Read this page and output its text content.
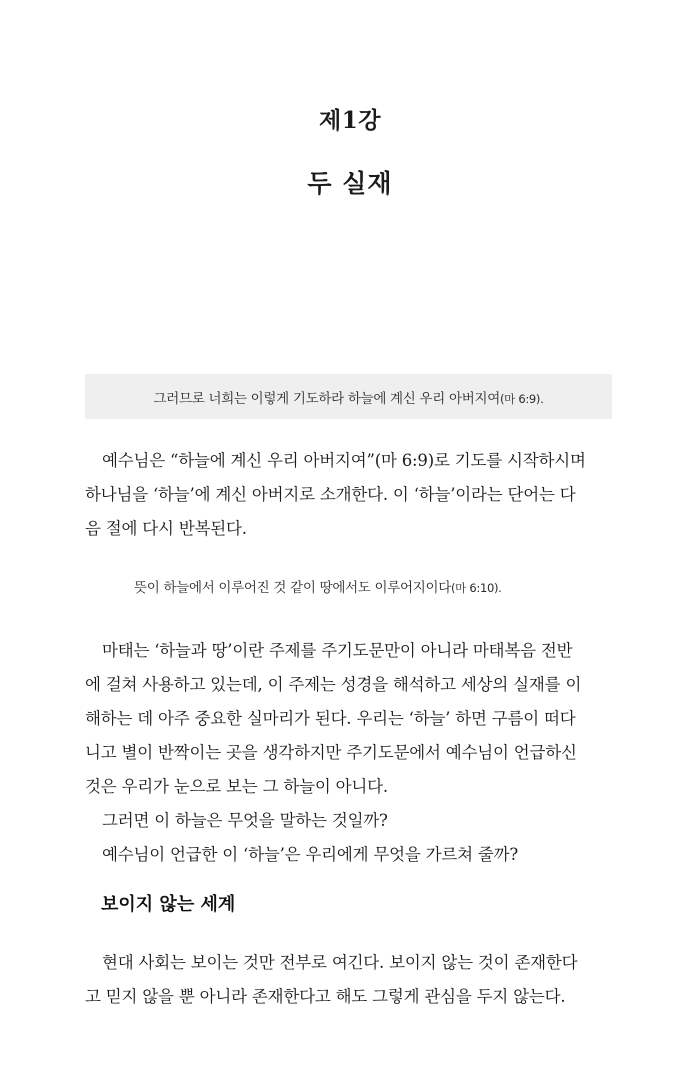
제1강
두 실재
그러므로 너희는 이렇게 기도하라 하늘에 계신 우리 아버지여(마 6:9).
예수님은 “하늘에 계신 우리 아버지여”(마 6:9)로 기도를 시작하시며
하나님을 ‘하늘’에 계신 아버지로 소개한다. 이 ‘하늘’이라는 단어는 다
음 절에 다시 반복된다.
뜻이 하늘에서 이루어진 것 같이 땅에서도 이루어지이다(마 6:10).
마태는 ‘하늘과 땅’이란 주제를 주기도문만이 아니라 마태복음 전반
에 걸쳐 사용하고 있는데, 이 주제는 성경을 해석하고 세상의 실재를 이
해하는 데 아주 중요한 실마리가 된다. 우리는 ‘하늘’ 하면 구름이 떠다
니고 별이 반짝이는 곳을 생각하지만 주기도문에서 예수님이 언급하신
것은 우리가 눈으로 보는 그 하늘이 아니다.
그러면 이 하늘은 무엇을 말하는 것일까?
예수님이 언급한 이 ‘하늘’은 우리에게 무엇을 가르쳐 줄까?
보이지 않는 세계
현대 사회는 보이는 것만 전부로 여긴다. 보이지 않는 것이 존재한다
고 믿지 않을 뿐 아니라 존재한다고 해도 그렇게 관심을 두지 않는다.
